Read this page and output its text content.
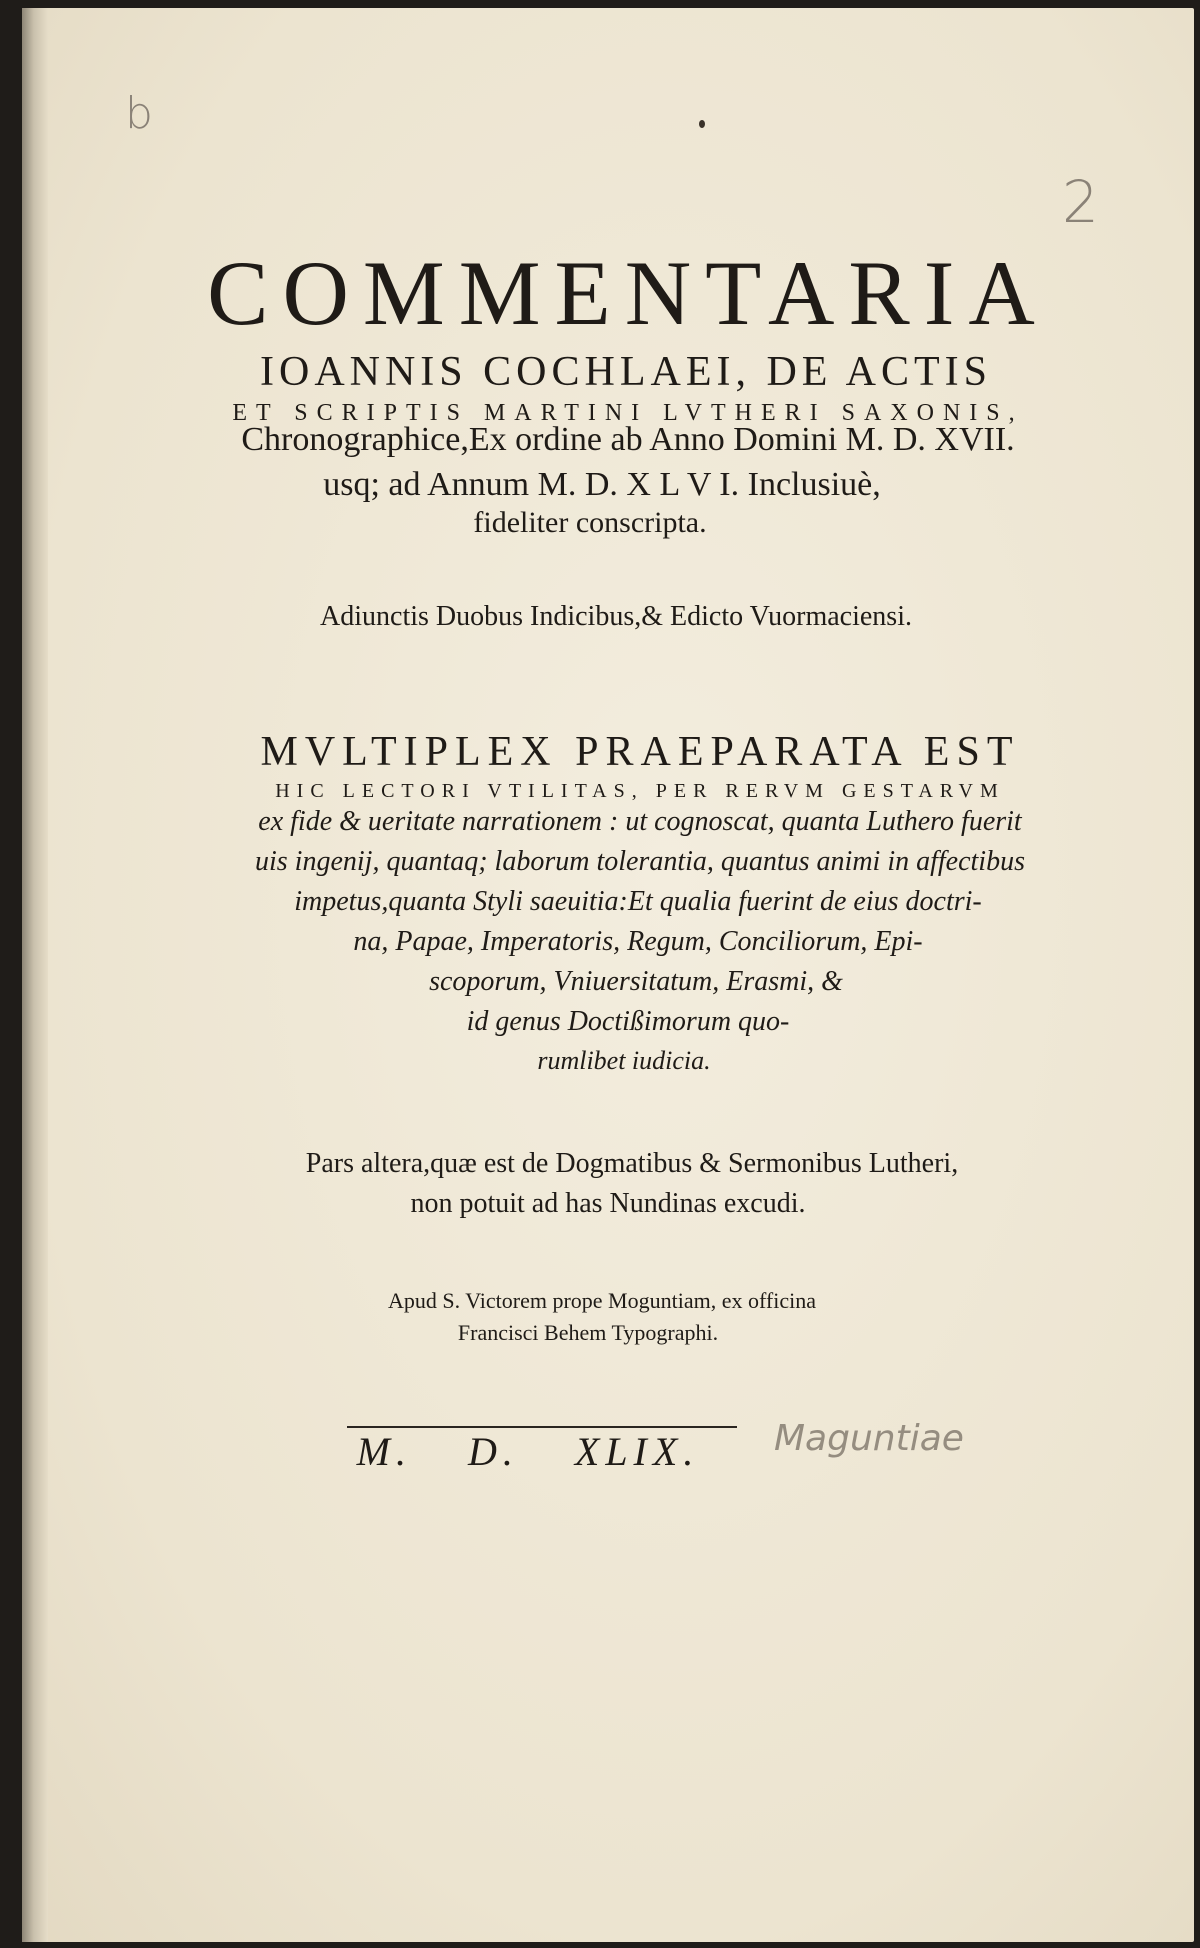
b
2
COMMENTARIA
IOANNIS COCHLAEI, DE ACTIS
ET SCRIPTIS MARTINI LVTHERI SAXONIS,
Chronographice,Ex ordine ab Anno Domini M. D. XVII.
usq; ad Annum M. D. X L V I. Inclusiuè,
fideliter conscripta.
Adiunctis Duobus Indicibus,& Edicto Vuormaciensi.
MVLTIPLEX PRAEPARATA EST
HIC LECTORI VTILITAS, PER RERVM GESTARVM
ex fide & ueritate narrationem : ut cognoscat, quanta Luthero fuerit
uis ingenij, quantaq; laborum tolerantia, quantus animi in affectibus
impetus,quanta Styli saeuitia:Et qualia fuerint de eius doctri-
na, Papae, Imperatoris, Regum, Conciliorum, Epi-
scoporum, Vniuersitatum, Erasmi, &
id genus Doctißimorum quo-
rumlibet iudicia.
Pars altera,quæ est de Dogmatibus & Sermonibus Lutheri,
non potuit ad has Nundinas excudi.
Apud S. Victorem prope Moguntiam, ex officina
Francisci Behem Typographi.
M. D. XLIX.	Maguntiae
